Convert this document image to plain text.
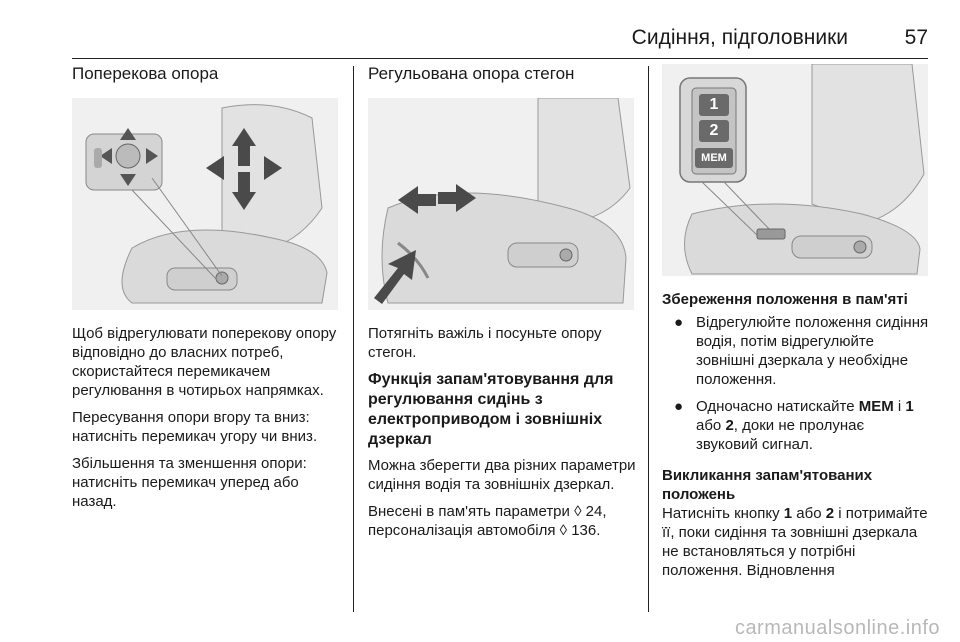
Сидіння, підголовники	57
Поперекова опора

Щоб відрегулювати поперекову опору відповідно до власних потреб, скористайтеся перемикачем регулювання в чотирьох напрямках.

Пересування опори вгору та вниз: натисніть перемикач угору чи вниз.

Збільшення та зменшення опори: натисніть перемикач уперед або назад.

Регульована опора стегон

Потягніть важіль і посуньте опору стегон.

Функція запам'ятовування для регулювання сидінь з електроприводом і зовнішніх дзеркал

Можна зберегти два різних параметри сидіння водія та зовнішніх дзеркал.

Внесені в пам'ять параметри ◊ 24, персоналізація автомобіля ◊ 136.

1
2
MEM
Збереження положення в пам'яті
● Відрегулюйте положення сидіння водія, потім відрегулюйте зовнішні дзеркала у необхідне положення.
● Одночасно натискайте MEM і 1 або 2, доки не пролунає звуковий сигнал.
Викликання запам'ятованих положень

Натисніть кнопку 1 або 2 і потримайте її, поки сидіння та зовнішні дзеркала не встановляться у потрібні положення. Відновлення

carmanualsonline.info
